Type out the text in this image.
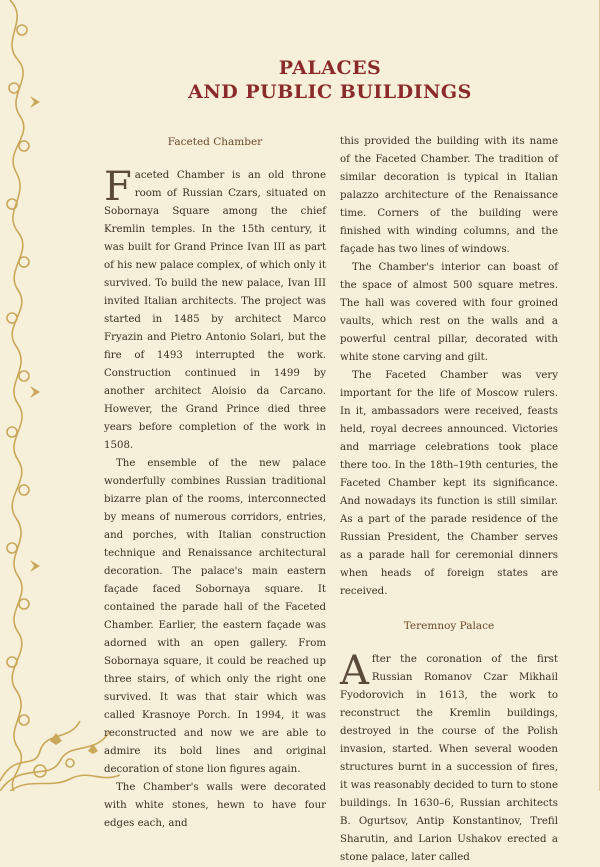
PALACES
AND PUBLIC BUILDINGS
Faceted Chamber

Faceted Chamber is an old throne room of Russian Czars, situated on Sobornaya Square among the chief Kremlin temples. In the 15th century, it was built for Grand Prince Ivan III as part of his new palace complex, of which only it survived. To build the new palace, Ivan III invited Italian architects. The project was started in 1485 by architect Marco Fryazin and Pietro Antonio Solari, but the fire of 1493 interrupted the work. Construction continued in 1499 by another architect Aloisio da Carcano. However, the Grand Prince died three years before completion of the work in 1508.

The ensemble of the new palace wonderfully combines Russian traditional bizarre plan of the rooms, interconnected by means of numerous corridors, entries, and porches, with Italian construction technique and Renaissance architectural decoration. The palace's main eastern façade faced Sobornaya square. It contained the parade hall of the Faceted Chamber. Earlier, the eastern façade was adorned with an open gallery. From Sobornaya square, it could be reached up three stairs, of which only the right one survived. It was that stair which was called Krasnoye Porch. In 1994, it was reconstructed and now we are able to admire its bold lines and original decoration of stone lion figures again.

The Chamber's walls were decorated with white stones, hewn to have four edges each, and

this provided the building with its name of the Faceted Chamber. The tradition of similar decoration is typical in Italian palazzo architecture of the Renaissance time. Corners of the building were finished with winding columns, and the façade has two lines of windows.

The Chamber's interior can boast of the space of almost 500 square metres. The hall was covered with four groined vaults, which rest on the walls and a powerful central pillar, decorated with white stone carving and gilt.

The Faceted Chamber was very important for the life of Moscow rulers. In it, ambassadors were received, feasts held, royal decrees announced. Victories and marriage celebrations took place there too. In the 18th–19th centuries, the Faceted Chamber kept its significance. And nowadays its function is still similar. As a part of the parade residence of the Russian President, the Chamber serves as a parade hall for ceremonial dinners when heads of foreign states are received.

Teremnoy Palace

After the coronation of the first Russian Romanov Czar Mikhail Fyodorovich in 1613, the work to reconstruct the Kremlin buildings, destroyed in the course of the Polish invasion, started. When several wooden structures burnt in a succession of fires, it was reasonably decided to turn to stone buildings. In 1630–6, Russian architects B. Ogurtsov, Antip Konstantinov, Trefil Sharutin, and Larion Ushakov erected a stone palace, later called
